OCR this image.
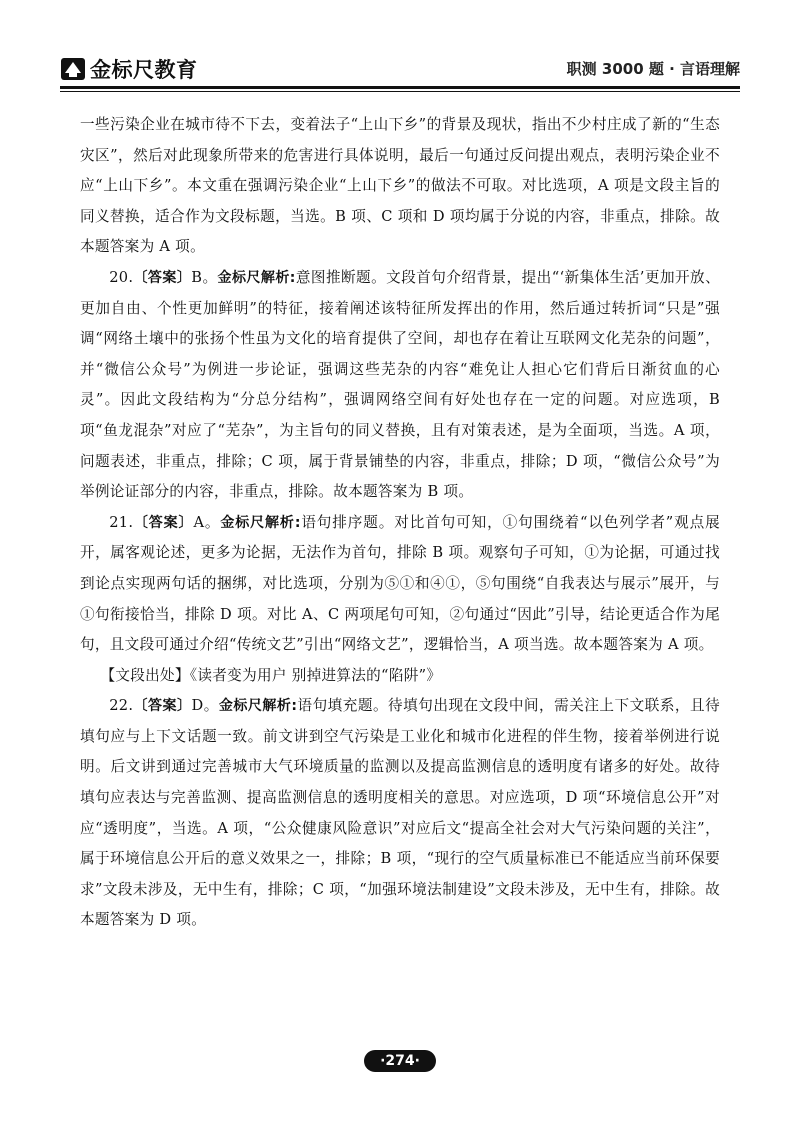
金标尺教育	职测 3000 题 · 言语理解

一些污染企业在城市待不下去，变着法子“上山下乡”的背景及现状，指出不少村庄成了新的“生态灾区”，然后对此现象所带来的危害进行具体说明，最后一句通过反问提出观点，表明污染企业不应“上山下乡”。本文重在强调污染企业“上山下乡”的做法不可取。对比选项，A 项是文段主旨的同义替换，适合作为文段标题，当选。B 项、C 项和 D 项均属于分说的内容，非重点，排除。故本题答案为 A 项。

20.〔答案〕B。金标尺解析:意图推断题。文段首句介绍背景，提出“‘新集体生活’更加开放、更加自由、个性更加鲜明”的特征，接着阐述该特征所发挥出的作用，然后通过转折词“只是”强调“网络土壤中的张扬个性虽为文化的培育提供了空间，却也存在着让互联网文化芜杂的问题”，并“微信公众号”为例进一步论证，强调这些芜杂的内容“难免让人担心它们背后日渐贫血的心灵”。因此文段结构为“分总分结构”，强调网络空间有好处也存在一定的问题。对应选项，B 项“鱼龙混杂”对应了“芜杂”，为主旨句的同义替换，且有对策表述，是为全面项，当选。A 项，问题表述，非重点，排除；C 项，属于背景铺垫的内容，非重点，排除；D 项，“微信公众号”为举例论证部分的内容，非重点，排除。故本题答案为 B 项。

21.〔答案〕A。金标尺解析:语句排序题。对比首句可知，①句围绕着“以色列学者”观点展开，属客观论述，更多为论据，无法作为首句，排除 B 项。观察句子可知，①为论据，可通过找到论点实现两句话的捆绑，对比选项，分别为⑤①和④①，⑤句围绕“自我表达与展示”展开，与①句衔接恰当，排除 D 项。对比 A、C 两项尾句可知，②句通过“因此”引导，结论更适合作为尾句，且文段可通过介绍“传统文艺”引出“网络文艺”，逻辑恰当，A 项当选。故本题答案为 A 项。

【文段出处】《读者变为用户 别掉进算法的“陷阱”》

22.〔答案〕D。金标尺解析:语句填充题。待填句出现在文段中间，需关注上下文联系，且待填句应与上下文话题一致。前文讲到空气污染是工业化和城市化进程的伴生物，接着举例进行说明。后文讲到通过完善城市大气环境质量的监测以及提高监测信息的透明度有诸多的好处。故待填句应表达与完善监测、提高监测信息的透明度相关的意思。对应选项，D 项“环境信息公开”对应“透明度”，当选。A 项，“公众健康风险意识”对应后文“提高全社会对大气污染问题的关注”，属于环境信息公开后的意义效果之一，排除；B 项，“现行的空气质量标准已不能适应当前环保要求”文段未涉及，无中生有，排除；C 项，“加强环境法制建设”文段未涉及，无中生有，排除。故本题答案为 D 项。

·274·
